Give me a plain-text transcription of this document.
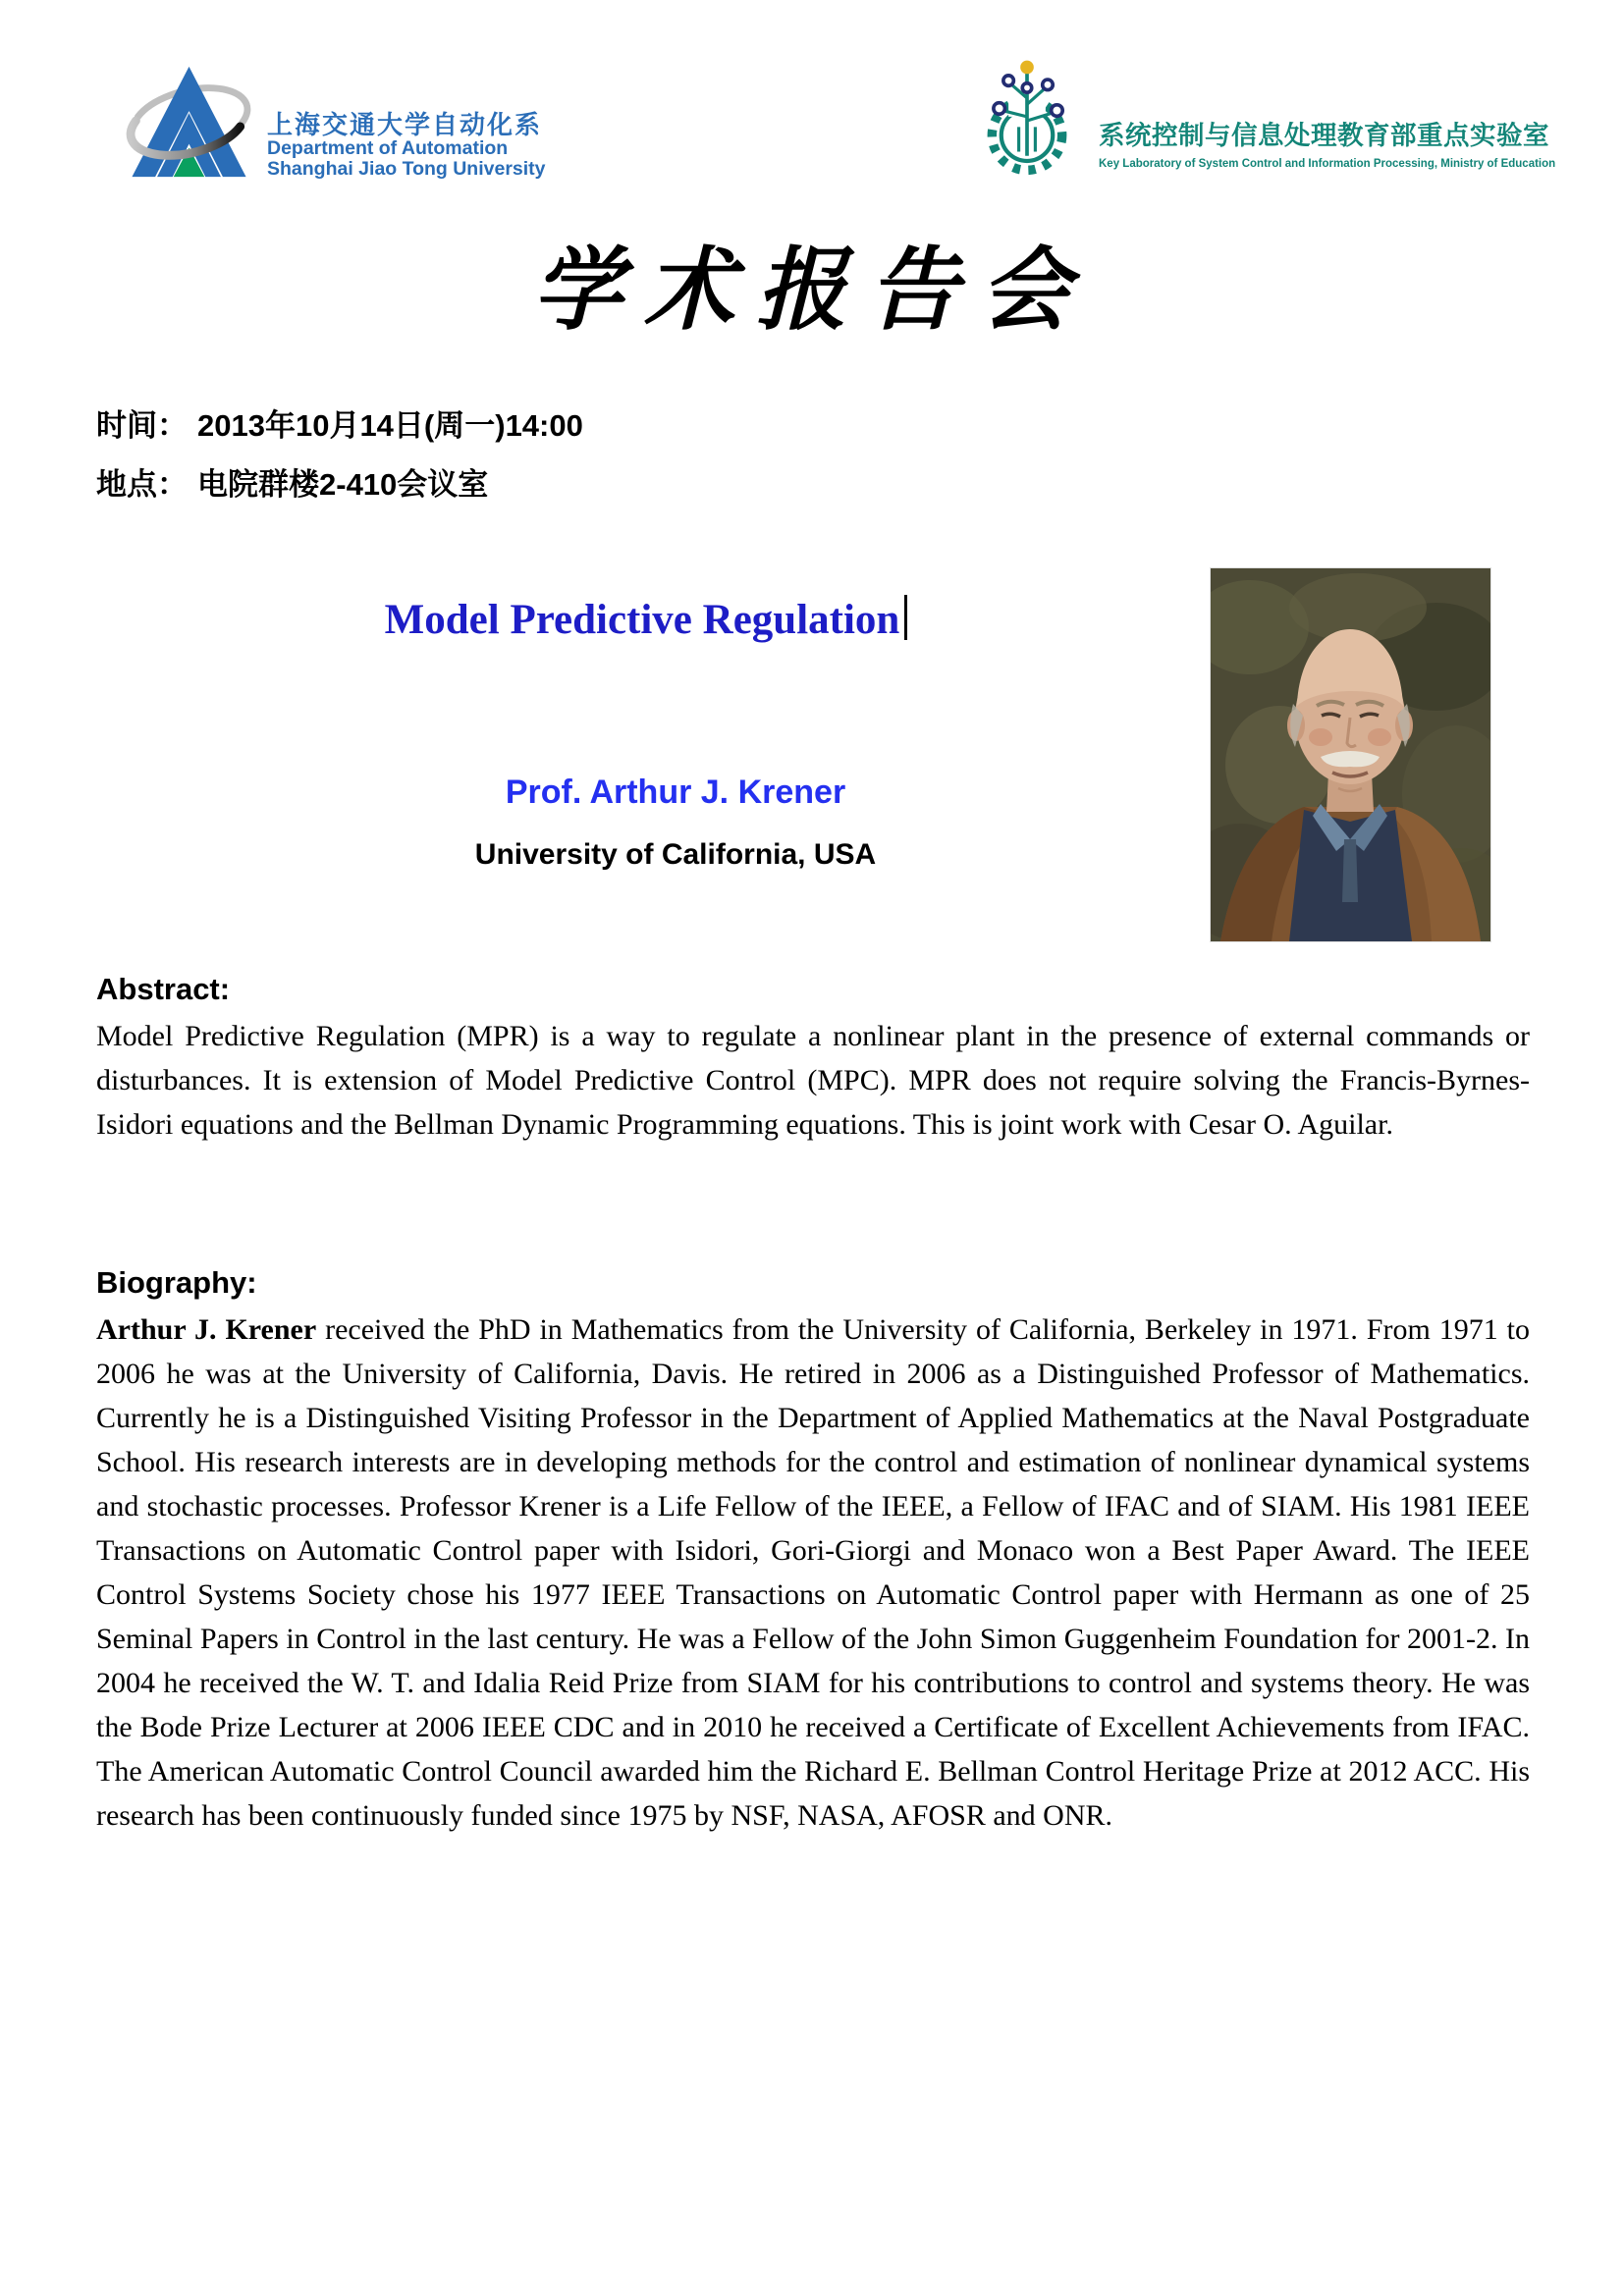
上海交通大学自动化系
Department of Automation
Shanghai Jiao Tong University
系统控制与信息处理教育部重点实验室
Key Laboratory of System Control and Information Processing, Ministry of Education
学术报告会
时间： 2013年10月14日(周一)14:00
地点： 电院群楼2-410会议室
Model Predictive Regulation
Prof. Arthur J. Krener
University of California, USA
Abstract:
Model Predictive Regulation (MPR) is a way to regulate a nonlinear plant in the presence of external commands or disturbances. It is extension of Model Predictive Control (MPC). MPR does not require solving the Francis-Byrnes-Isidori equations and the Bellman Dynamic Programming equations. This is joint work with Cesar O. Aguilar.
Biography:
Arthur J. Krener received the PhD in Mathematics from the University of California, Berkeley in 1971. From 1971 to 2006 he was at the University of California, Davis. He retired in 2006 as a Distinguished Professor of Mathematics. Currently he is a Distinguished Visiting Professor in the Department of Applied Mathematics at the Naval Postgraduate School. His research interests are in developing methods for the control and estimation of nonlinear dynamical systems and stochastic processes. Professor Krener is a Life Fellow of the IEEE, a Fellow of IFAC and of SIAM. His 1981 IEEE Transactions on Automatic Control paper with Isidori, Gori-Giorgi and Monaco won a Best Paper Award. The IEEE Control Systems Society chose his 1977 IEEE Transactions on Automatic Control paper with Hermann as one of 25 Seminal Papers in Control in the last century. He was a Fellow of the John Simon Guggenheim Foundation for 2001-2. In 2004 he received the W. T. and Idalia Reid Prize from SIAM for his contributions to control and systems theory. He was the Bode Prize Lecturer at 2006 IEEE CDC and in 2010 he received a Certificate of Excellent Achievements from IFAC. The American Automatic Control Council awarded him the Richard E. Bellman Control Heritage Prize at 2012 ACC. His research has been continuously funded since 1975 by NSF, NASA, AFOSR and ONR.
